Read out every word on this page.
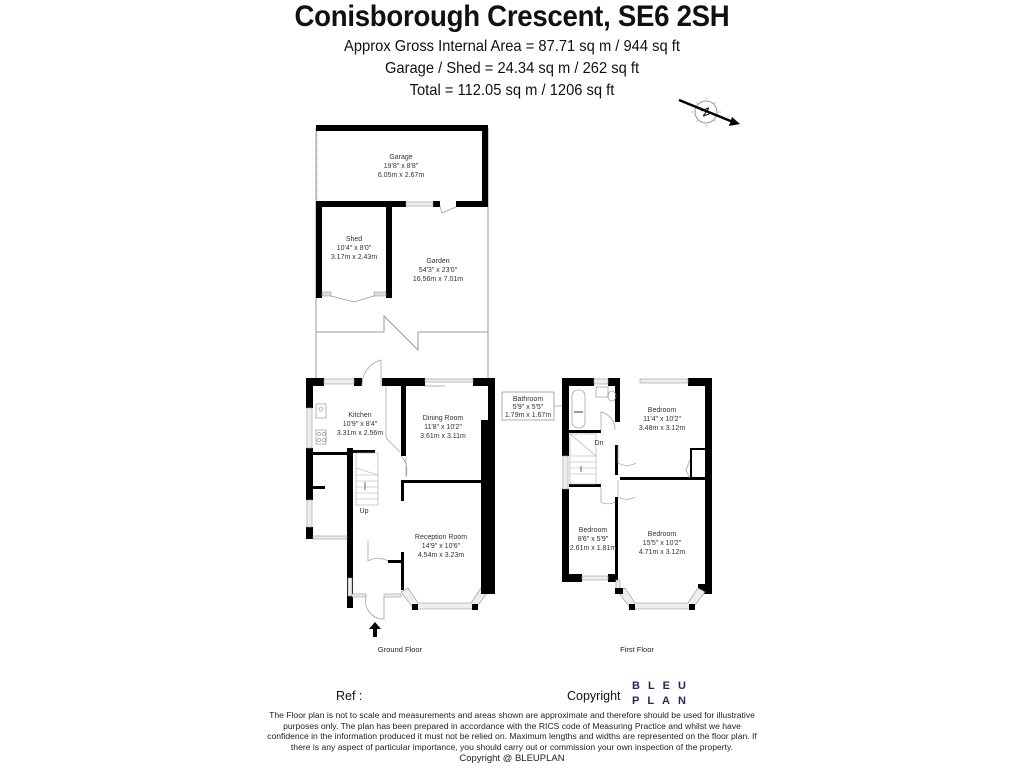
Conisborough Crescent, SE6 2SH
Approx Gross Internal Area = 87.71 sq m / 944 sq ft
Garage / Shed = 24.34 sq m / 262 sq ft
Total = 112.05 sq m / 1206 sq ft
N
Garage
19'8" x 8'8"
6.05m x 2.67m
Shed
10'4" x 8'0"
3.17m x 2.43m
Garden
54'3" x 23'0"
16.56m x 7.01m
Kitchen
10'9" x 8'4"
3.31m x 2.56m
Dining Room
11'8" x 10'2"
3.61m x 3.11m
Reception Room
14'9" x 10'6"
4.54m x 3.23m
Up
Bathroom
5'9" x 5'5"
1.79m x 1.67m
Bedroom
11'4" x 10'2"
3.48m x 3.12m
Bedroom
8'6" x 5'9"
2.61m x 1.81m
Bedroom
15'5" x 10'2"
4.71m x 3.12m
Dn
Ground Floor	First Floor
Ref :	Copyright
BLEU
PLAN
The Floor plan is not to scale and measurements and areas shown are approximate and therefore should be used for illustrative purposes only. The plan has been prepared in accordance with the RICS code of Measuring Practice and whilst we have confidence in the information produced it must not be relied on. Maximum lengths and widths are represented on the floor plan. If there is any aspect of particular importance, you should carry out or commission your own inspection of the property.
Copyright @ BLEUPLAN
